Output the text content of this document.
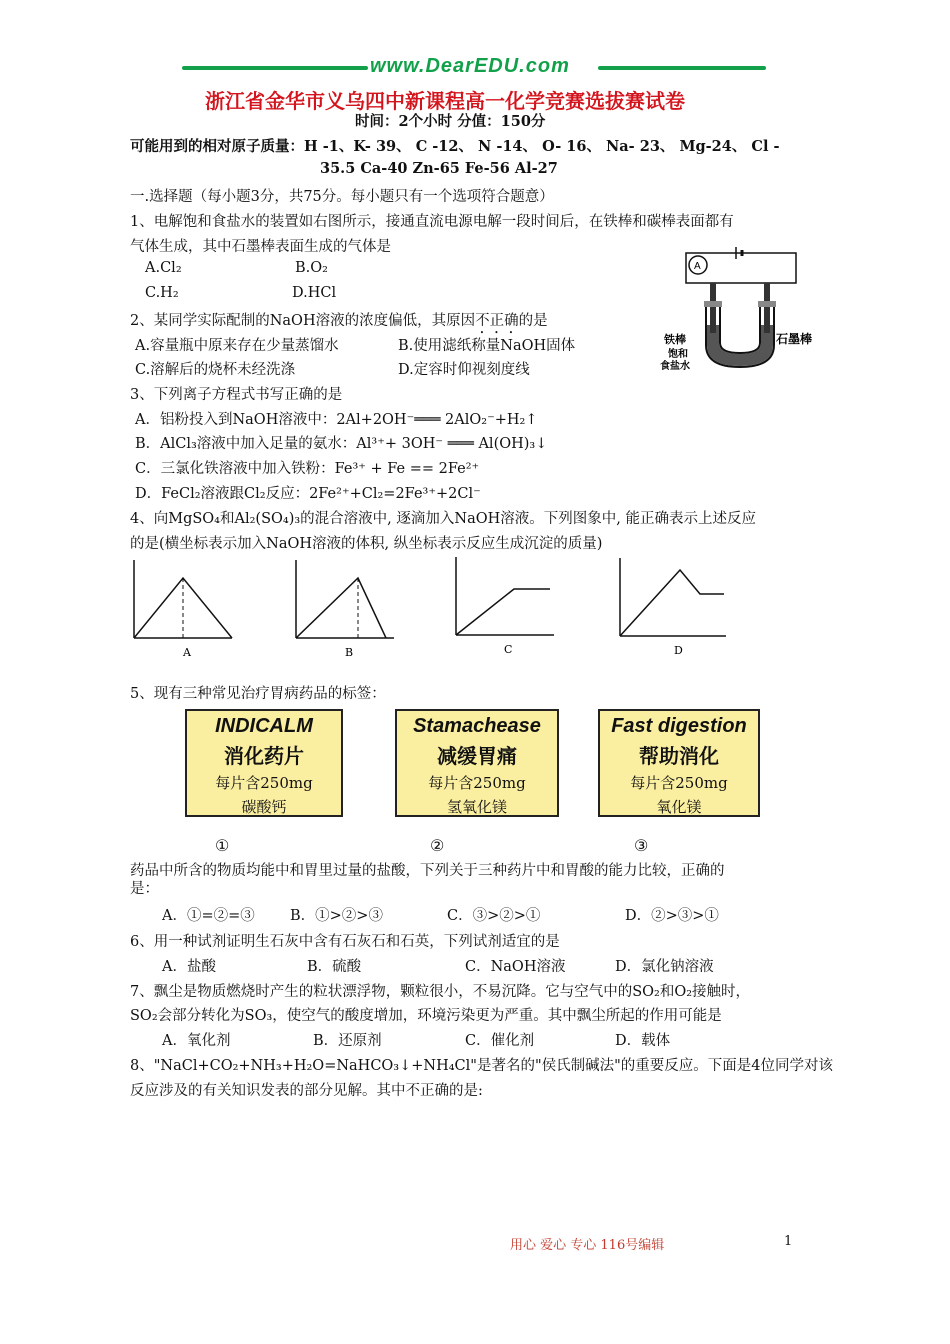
www.DearEDU.com
浙江省金华市义乌四中新课程高一化学竞赛选拔赛试卷
时间：2个小时 分值：150分
可能用到的相对原子质量：H -1、K- 39、 C -12、 N -14、 O- 16、 Na- 23、 Mg-24、 Cl -
35.5 Ca-40 Zn-65 Fe-56 Al-27
一.选择题（每小题3分，共75分。每小题只有一个选项符合题意）
1、电解饱和食盐水的装置如右图所示，接通直流电源电解一段时间后，在铁棒和碳棒表面都有
气体生成，其中石墨棒表面生成的气体是
A.Cl₂	B.O₂
C.H₂	D.HCl
A
铁棒
饱和
食盐水
石墨棒
2、某同学实际配制的NaOH溶液的浓度偏低，其原因不正确的是
A.容量瓶中原来存在少量蒸馏水	B.使用滤纸称量NaOH固体
C.溶解后的烧杯未经洗涤	D.定容时仰视刻度线
3、下列离子方程式书写正确的是
A．铝粉投入到NaOH溶液中：2Al+2OH⁻═══ 2AlO₂⁻+H₂↑
B．AlCl₃溶液中加入足量的氨水：Al³⁺+ 3OH⁻ ═══ Al(OH)₃↓
C．三氯化铁溶液中加入铁粉：Fe³⁺ + Fe == 2Fe²⁺
D．FeCl₂溶液跟Cl₂反应：2Fe²⁺+Cl₂=2Fe³⁺+2Cl⁻
4、向MgSO₄和Al₂(SO₄)₃的混合溶液中, 逐滴加入NaOH溶液。下列图象中, 能正确表示上述反应
的是(横坐标表示加入NaOH溶液的体积, 纵坐标表示反应生成沉淀的质量)
A	B	C	D
5、现有三种常见治疗胃病药品的标签：
INDICALM
消化药片
每片含250mg
碳酸钙
Stamachease
减缓胃痛
每片含250mg
氢氧化镁
Fast digestion
帮助消化
每片含250mg
氧化镁
①	②	③
药品中所含的物质均能中和胃里过量的盐酸，下列关于三种药片中和胃酸的能力比较，正确的
是：
A．①=②=③ B．①>②>③	C．③>②>①	D．②>③>①
6、用一种试剂证明生石灰中含有石灰石和石英，下列试剂适宜的是
A．盐酸	B．硫酸	C．NaOH溶液	D．氯化钠溶液
7、飘尘是物质燃烧时产生的粒状漂浮物，颗粒很小，不易沉降。它与空气中的SO₂和O₂接触时，
SO₂会部分转化为SO₃，使空气的酸度增加，环境污染更为严重。其中飘尘所起的作用可能是
A．氧化剂	B．还原剂	C．催化剂	D．载体
8、"NaCl+CO₂+NH₃+H₂O=NaHCO₃↓+NH₄Cl"是著名的"侯氏制碱法"的重要反应。下面是4位同学对该
反应涉及的有关知识发表的部分见解。其中不正确的是:
用心 爱心 专心 116号编辑	1
